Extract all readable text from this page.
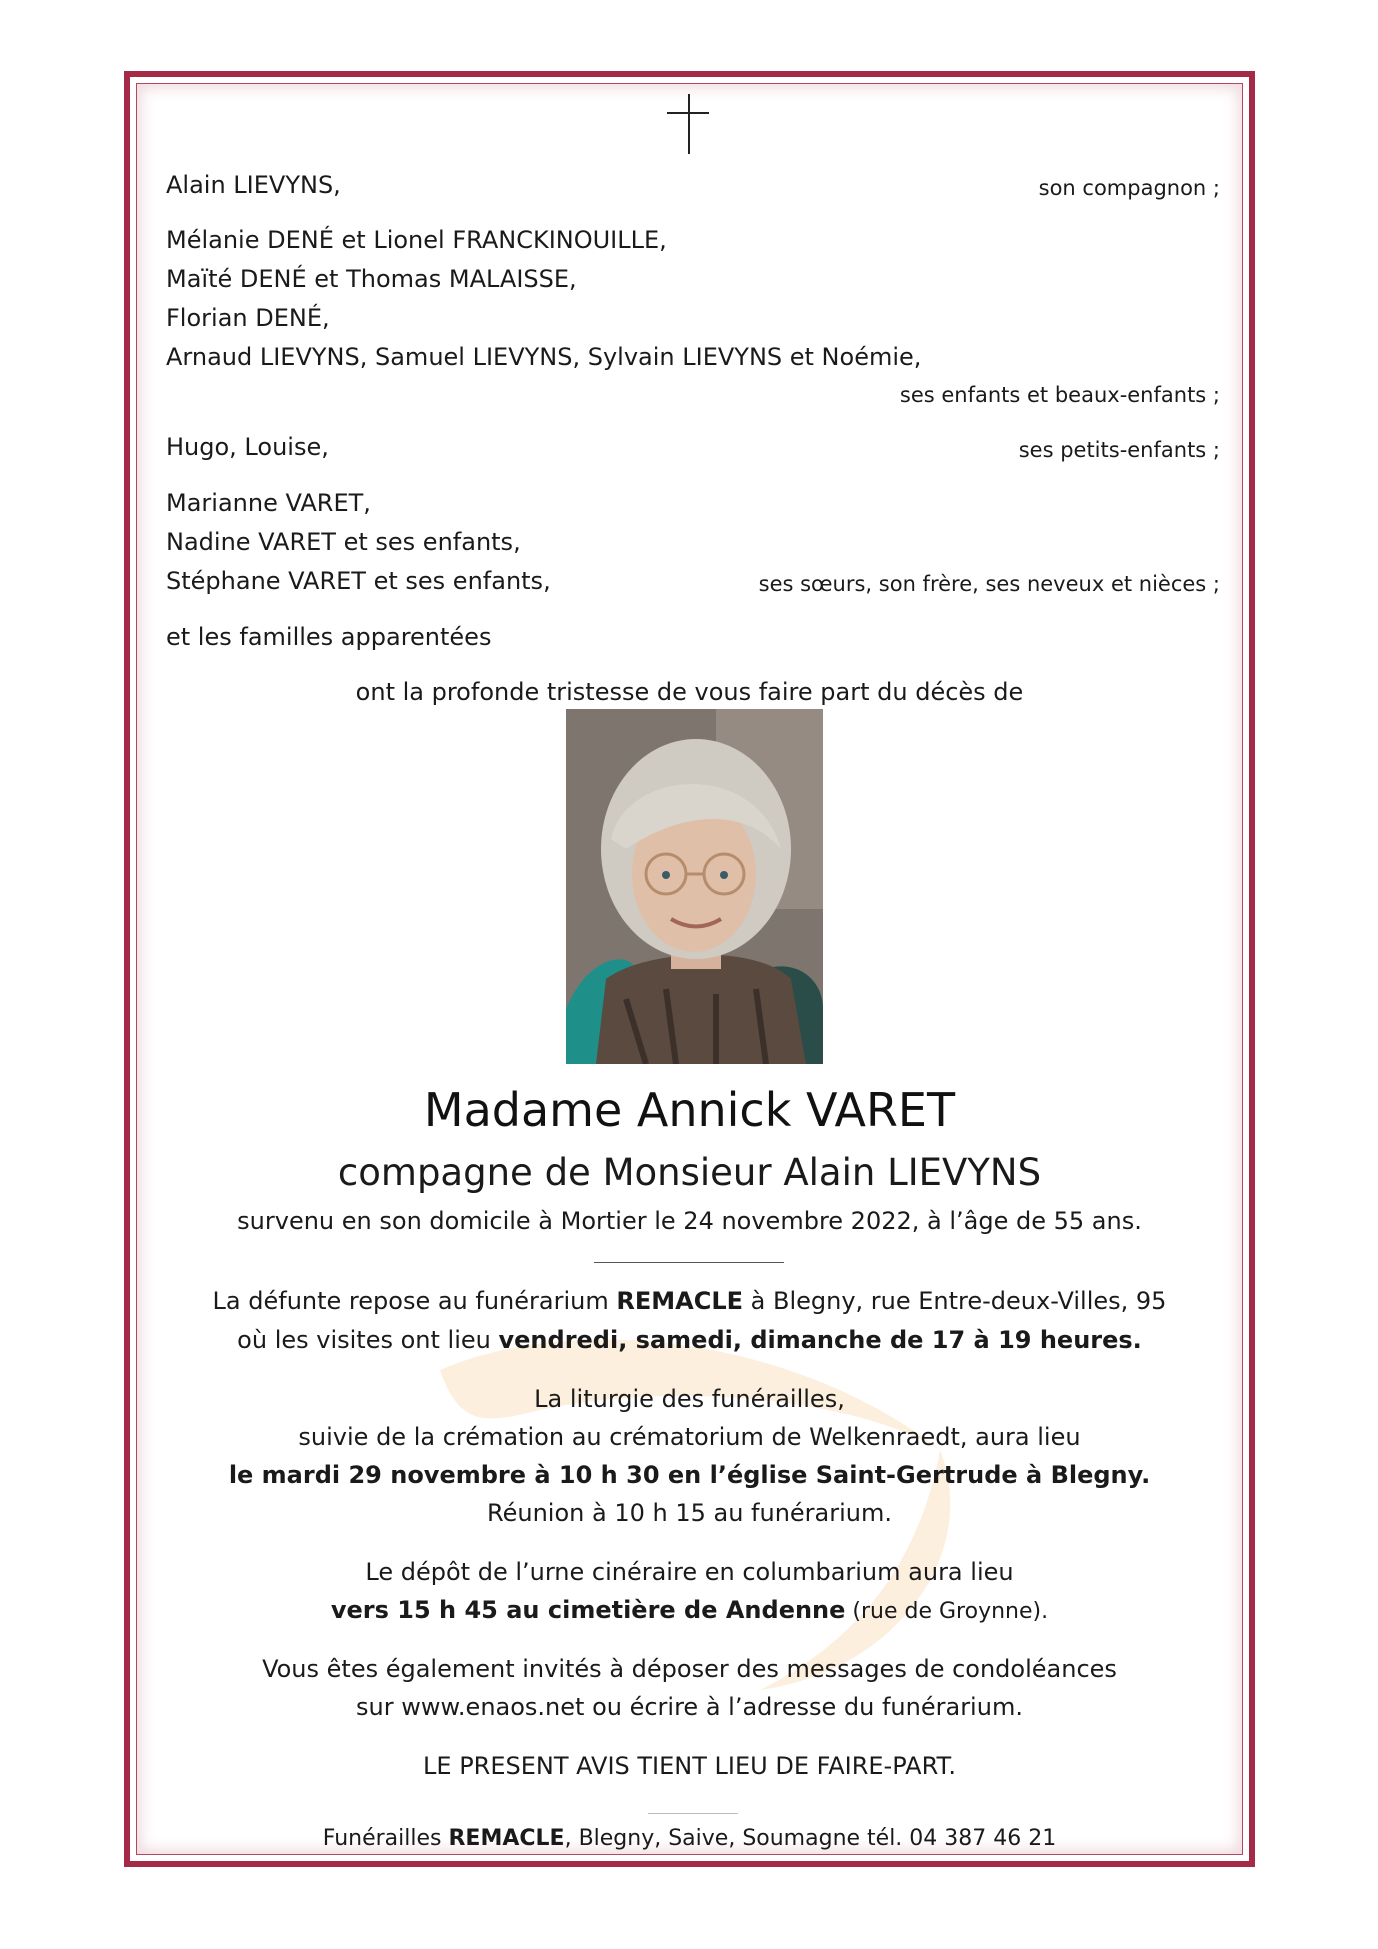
Alain LIEVYNS,	son compagnon ;
Mélanie DENÉ et Lionel FRANCKINOUILLE,
Maïté DENÉ et Thomas MALAISSE,
Florian DENÉ,
Arnaud LIEVYNS, Samuel LIEVYNS, Sylvain LIEVYNS et Noémie,
ses enfants et beaux-enfants ;
Hugo, Louise,	ses petits-enfants ;
Marianne VARET,
Nadine VARET et ses enfants,
Stéphane VARET et ses enfants,	ses sœurs, son frère, ses neveux et nièces ;
et les familles apparentées
ont la profonde tristesse de vous faire part du décès de
Madame Annick VARET
compagne de Monsieur Alain LIEVYNS
survenu en son domicile à Mortier le 24 novembre 2022, à l’âge de 55 ans.
La défunte repose au funérarium REMACLE à Blegny, rue Entre-deux-Villes, 95
où les visites ont lieu vendredi, samedi, dimanche de 17 à 19 heures.
La liturgie des funérailles,
suivie de la crémation au crématorium de Welkenraedt, aura lieu
le mardi 29 novembre à 10 h 30 en l’église Saint-Gertrude à Blegny.
Réunion à 10 h 15 au funérarium.
Le dépôt de l’urne cinéraire en columbarium aura lieu
vers 15 h 45 au cimetière de Andenne (rue de Groynne).
Vous êtes également invités à déposer des messages de condoléances
sur www.enaos.net ou écrire à l’adresse du funérarium.
LE PRESENT AVIS TIENT LIEU DE FAIRE-PART.
Funérailles REMACLE, Blegny, Saive, Soumagne tél. 04 387 46 21
